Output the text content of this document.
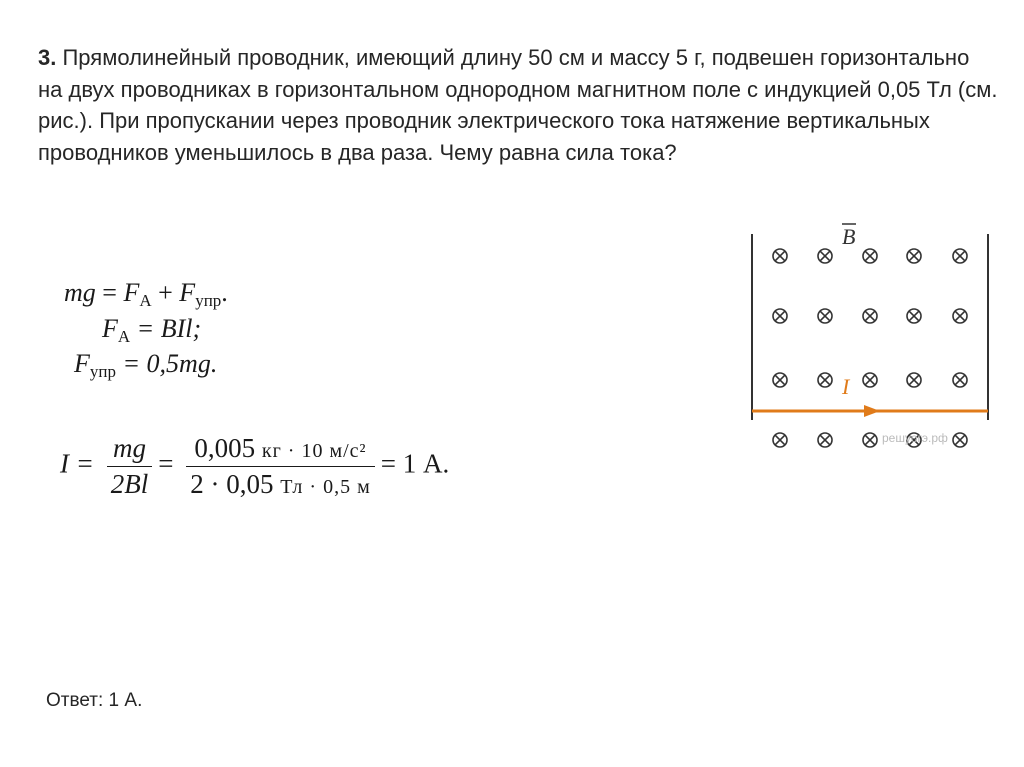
3. Прямолинейный проводник, имеющий длину 50 см и массу 5 г, подвешен горизонтально на двух проводниках в горизонтальном однородном магнитном поле с индукцией 0,05 Тл (см. рис.). При пропускании через проводник электрического тока натяжение вертикальных проводников уменьшилось в два раза. Чему равна сила тока?
mg = $F_A + F_{упр}$.
$F_A$ = BIl;
$F_{упр} = 0,5mg$.
$I = \frac{mg}{2Bl} = \frac{\text{0,005 кг · 10 м/с²}}{2 \cdot 0,05 Тл \cdot 0,5 м} = 1$ А.
I
B
решуогэ.рф
Ответ: 1 А.
